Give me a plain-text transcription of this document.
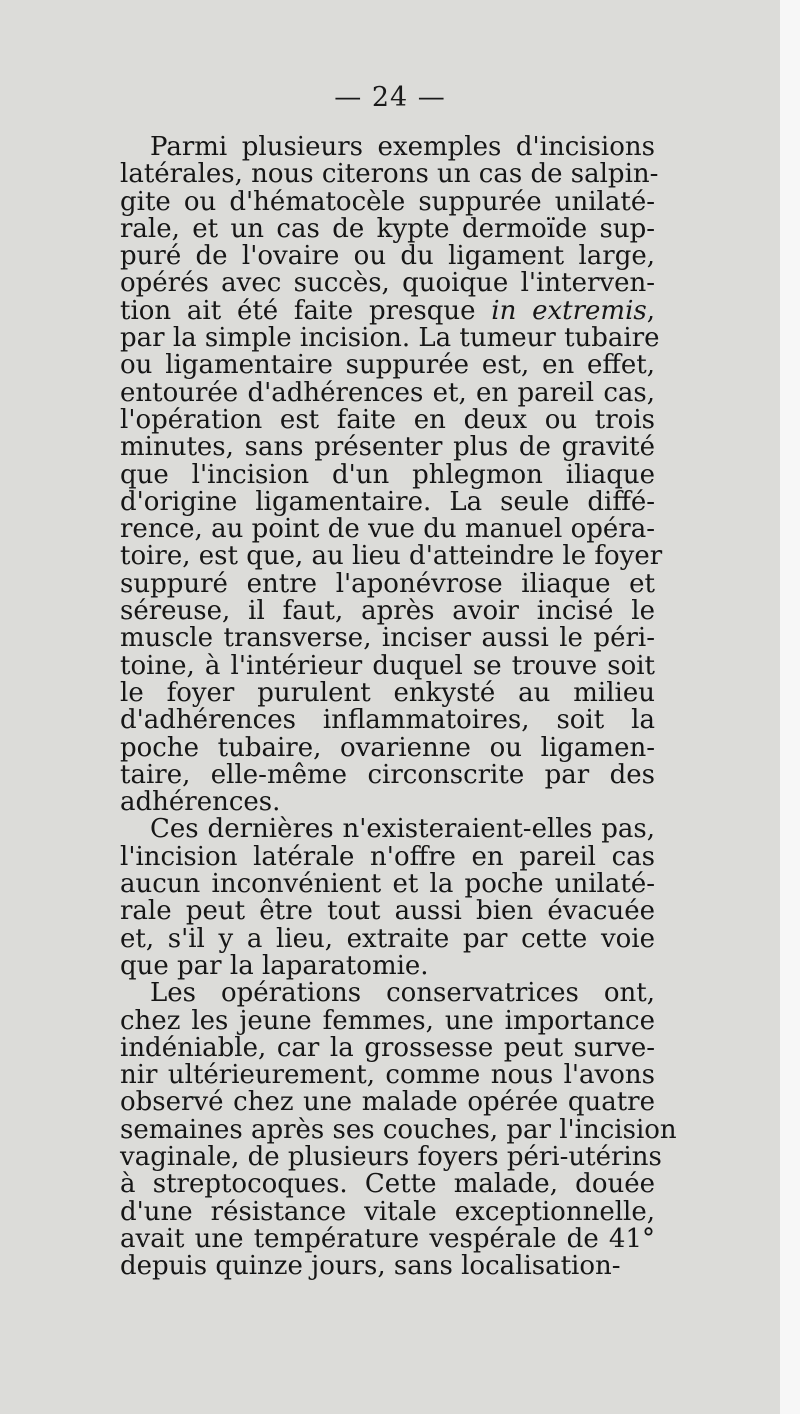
— 24 —
Parmi plusieurs exemples d'incisions
latérales, nous citerons un cas de salpin-
gite ou d'hématocèle suppurée unilaté-
rale, et un cas de kypte dermoïde sup-
puré de l'ovaire ou du ligament large,
opérés avec succès, quoique l'interven-
tion ait été faite presque in extremis,
par la simple incision. La tumeur tubaire
ou ligamentaire suppurée est, en effet,
entourée d'adhérences et, en pareil cas,
l'opération est faite en deux ou trois
minutes, sans présenter plus de gravité
que l'incision d'un phlegmon iliaque
d'origine ligamentaire. La seule diffé-
rence, au point de vue du manuel opéra-
toire, est que, au lieu d'atteindre le foyer
suppuré entre l'aponévrose iliaque et
séreuse, il faut, après avoir incisé le
muscle transverse, inciser aussi le péri-
toine, à l'intérieur duquel se trouve soit
le foyer purulent enkysté au milieu
d'adhérences inflammatoires, soit la
poche tubaire, ovarienne ou ligamen-
taire, elle-même circonscrite par des
adhérences.
Ces dernières n'existeraient-elles pas,
l'incision latérale n'offre en pareil cas
aucun inconvénient et la poche unilaté-
rale peut être tout aussi bien évacuée
et, s'il y a lieu, extraite par cette voie
que par la laparatomie.
Les opérations conservatrices ont,
chez les jeune femmes, une importance
indéniable, car la grossesse peut surve-
nir ultérieurement, comme nous l'avons
observé chez une malade opérée quatre
semaines après ses couches, par l'incision
vaginale, de plusieurs foyers péri-utérins
à streptocoques. Cette malade, douée
d'une résistance vitale exceptionnelle,
avait une température vespérale de 41°
depuis quinze jours, sans localisation-
